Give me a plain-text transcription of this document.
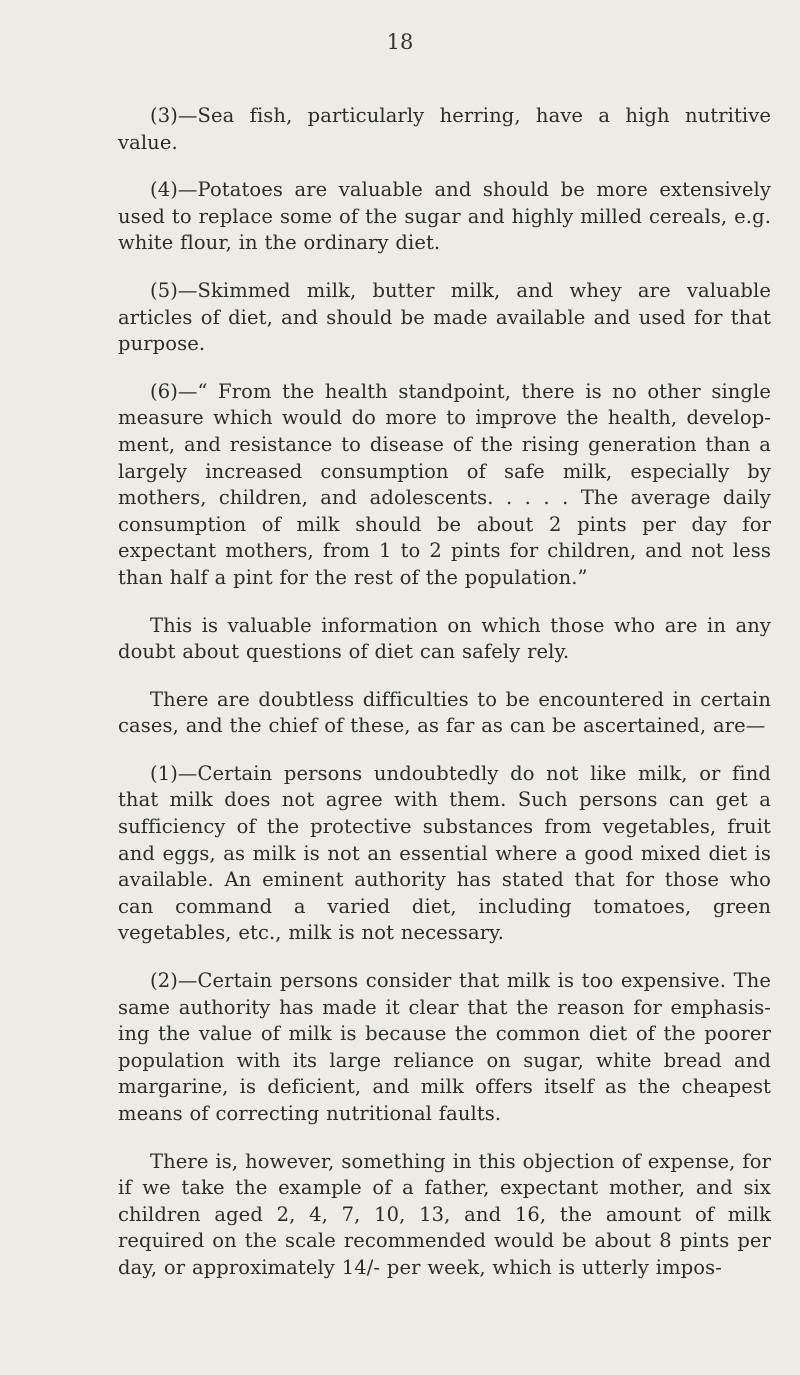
18

(3)—Sea fish, particularly herring, have a high nutritive value.

(4)—Potatoes are valuable and should be more extensively used to replace some of the sugar and highly milled cereals, e.g. white flour, in the ordinary diet.

(5)—Skimmed milk, butter milk, and whey are valuable articles of diet, and should be made available and used for that purpose.

(6)—“ From the health standpoint, there is no other single measure which would do more to improve the health, develop- ment, and resistance to disease of the rising generation than a largely increased consumption of safe milk, especially by mothers, children, and adolescents. . . . . The average daily consumption of milk should be about 2 pints per day for expectant mothers, from 1 to 2 pints for children, and not less than half a pint for the rest of the population.”

This is valuable information on which those who are in any doubt about questions of diet can safely rely.

There are doubtless difficulties to be encountered in certain cases, and the chief of these, as far as can be ascertained, are—

(1)—Certain persons undoubtedly do not like milk, or find that milk does not agree with them. Such persons can get a sufficiency of the protective substances from vegetables, fruit and eggs, as milk is not an essential where a good mixed diet is available. An eminent authority has stated that for those who can command a varied diet, including tomatoes, green vegetables, etc., milk is not necessary.

(2)—Certain persons consider that milk is too expensive. The same authority has made it clear that the reason for emphasis- ing the value of milk is because the common diet of the poorer population with its large reliance on sugar, white bread and margarine, is deficient, and milk offers itself as the cheapest means of correcting nutritional faults.

There is, however, something in this objection of expense, for if we take the example of a father, expectant mother, and six children aged 2, 4, 7, 10, 13, and 16, the amount of milk required on the scale recommended would be about 8 pints per day, or approximately 14/- per week, which is utterly impos-
